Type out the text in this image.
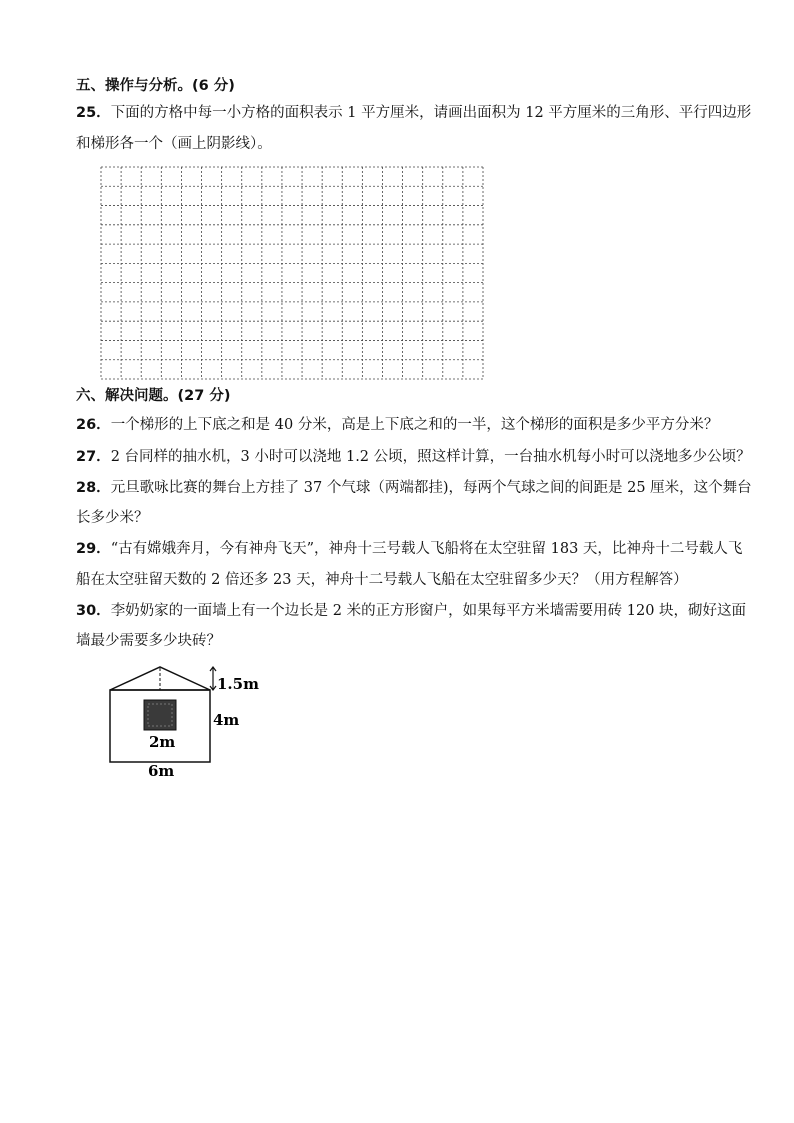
五、操作与分析。(6 分)
25．下面的方格中每一小方格的面积表示 1 平方厘米，请画出面积为 12 平方厘米的三角形、平行四边形
和梯形各一个（画上阴影线）。
六、解决问题。(27 分)
26．一个梯形的上下底之和是 40 分米，高是上下底之和的一半，这个梯形的面积是多少平方分米？
27．2 台同样的抽水机，3 小时可以浇地 1.2 公顷，照这样计算，一台抽水机每小时可以浇地多少公顷？
28．元旦歌咏比赛的舞台上方挂了 37 个气球（两端都挂)，每两个气球之间的间距是 25 厘米，这个舞台
长多少米？
29．“古有嫦娥奔月，今有神舟飞天”，神舟十三号载人飞船将在太空驻留 183 天，比神舟十二号载人飞
船在太空驻留天数的 2 倍还多 23 天，神舟十二号载人飞船在太空驻留多少天？（用方程解答）
30．李奶奶家的一面墙上有一个边长是 2 米的正方形窗户，如果每平方米墙需要用砖 120 块，砌好这面
墙最少需要多少块砖？
1.5m
4m
2m
6m
